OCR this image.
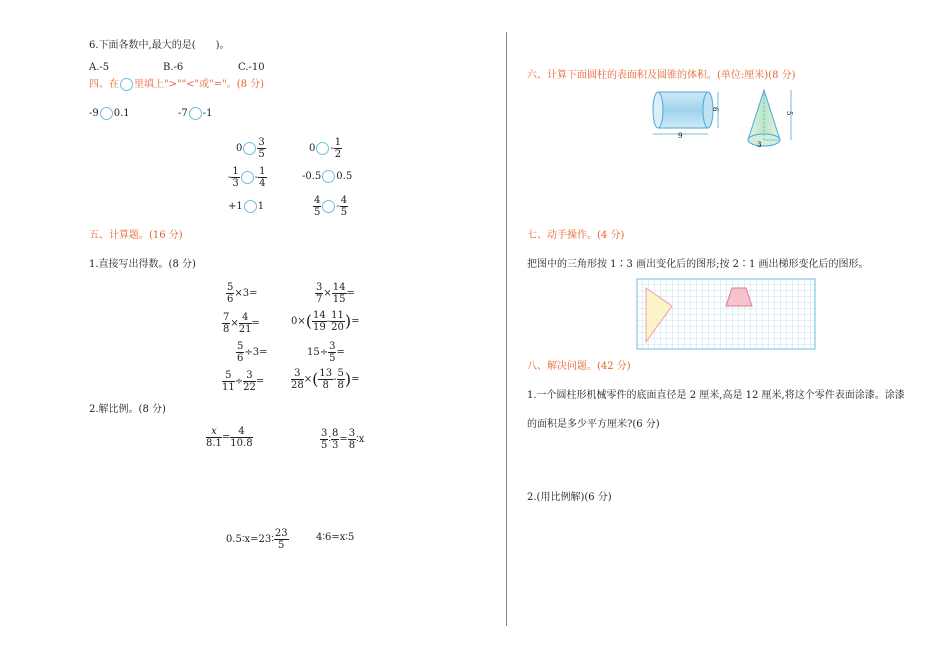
6.下面各数中,最大的是(　　)。
A.-5	B.-6	C.-10
四、在 里填上">""<"或"="。(8 分)
-9 0.1	-7 -1
$0 \frac{3}{5}$	$0 - \frac{1}{2}$
- $\frac{1}{3} - \frac{1}{4}$	-0.5 0.5
+1 1	$\frac{4}{5} - \frac{4}{5}$
五、计算题。(16 分)
1.直接写出得数。(8 分)
$\frac{5}{6} \times 3=$	$\frac{3}{7} \times \frac{14}{15}$ =
$\frac{7}{8} \times \frac{4}{21}$ =	$0\times( \frac{14}{19} - \frac{11}{20}$ )=
$\frac{5}{6} \div 3=$	$15\div \frac{3}{5}$ =
$\frac{5}{11} \div \frac{3}{22}$ =	$\frac{3}{28}$ ×( $\frac{13}{8} - \frac{5}{8}$ )=
2.解比例。(8 分)
$\frac{x}{8.1} = \frac{4}{10.8}$	$\frac{3}{5}$ ∶ $\frac{8}{3} = \frac{3}{8}$ ∶x
0.5∶x=23∶ $\frac{23}{5}$	4∶6=x∶5
六、计算下面圆柱的表面积及圆锥的体积。(单位:厘米)(8 分)
6
9
5
3
七、动手操作。(4 分)
把图中的三角形按 1∶3 画出变化后的图形;按 2∶1 画出梯形变化后的图形。
八、解决问题。(42 分)
1.一个圆柱形机械零件的底面直径是 2 厘米,高是 12 厘米,将这个零件表面涂漆。涂漆
的面积是多少平方厘米?(6 分)
2.(用比例解)(6 分)
